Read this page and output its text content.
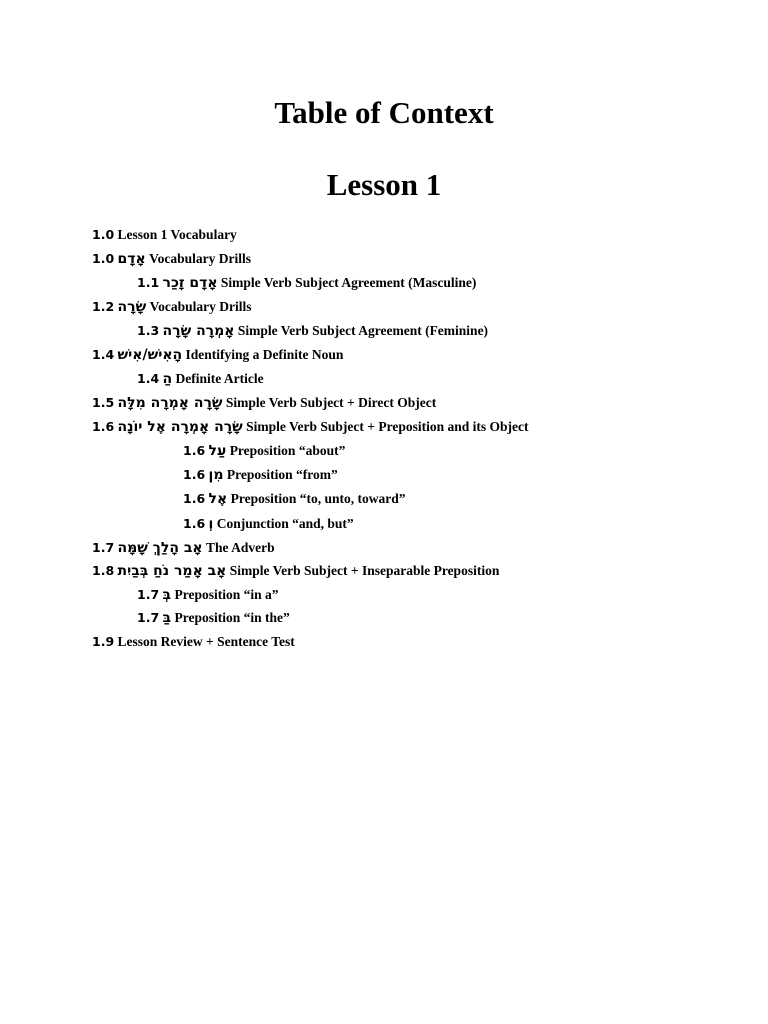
Table of Context
Lesson 1
1.0 Lesson 1 Vocabulary
1.0 אָדָם Vocabulary Drills
1.1 אָדָם זָכַר Simple Verb Subject Agreement (Masculine)
1.2 שָׂרָה Vocabulary Drills
1.3 אָמְרָה שָׂרָה Simple Verb Subject Agreement (Feminine)
1.4 הָאִישׁ/אִישׁ Identifying a Definite Noun
1.4 הַ Definite Article
1.5 שָׂרָה אָמְרָה מִלָּה Simple Verb Subject + Direct Object
1.6 שָׂרָה אָמְרָה אֶל יוֹנָה Simple Verb Subject + Preposition and its Object
1.6 עַל Preposition “about”
1.6 מִן Preposition “from”
1.6 אֶל Preposition “to, unto, toward”
1.6 וְ Conjunction “and, but”
1.7 אָב הָלַךְ שָׁמָּה The Adverb
1.8 אָב אָמַר נֹחַ בְּבַיִת Simple Verb Subject + Inseparable Preposition
1.7 בְּ Preposition “in a”
1.7 בַּ Preposition “in the”
1.9 Lesson Review + Sentence Test
